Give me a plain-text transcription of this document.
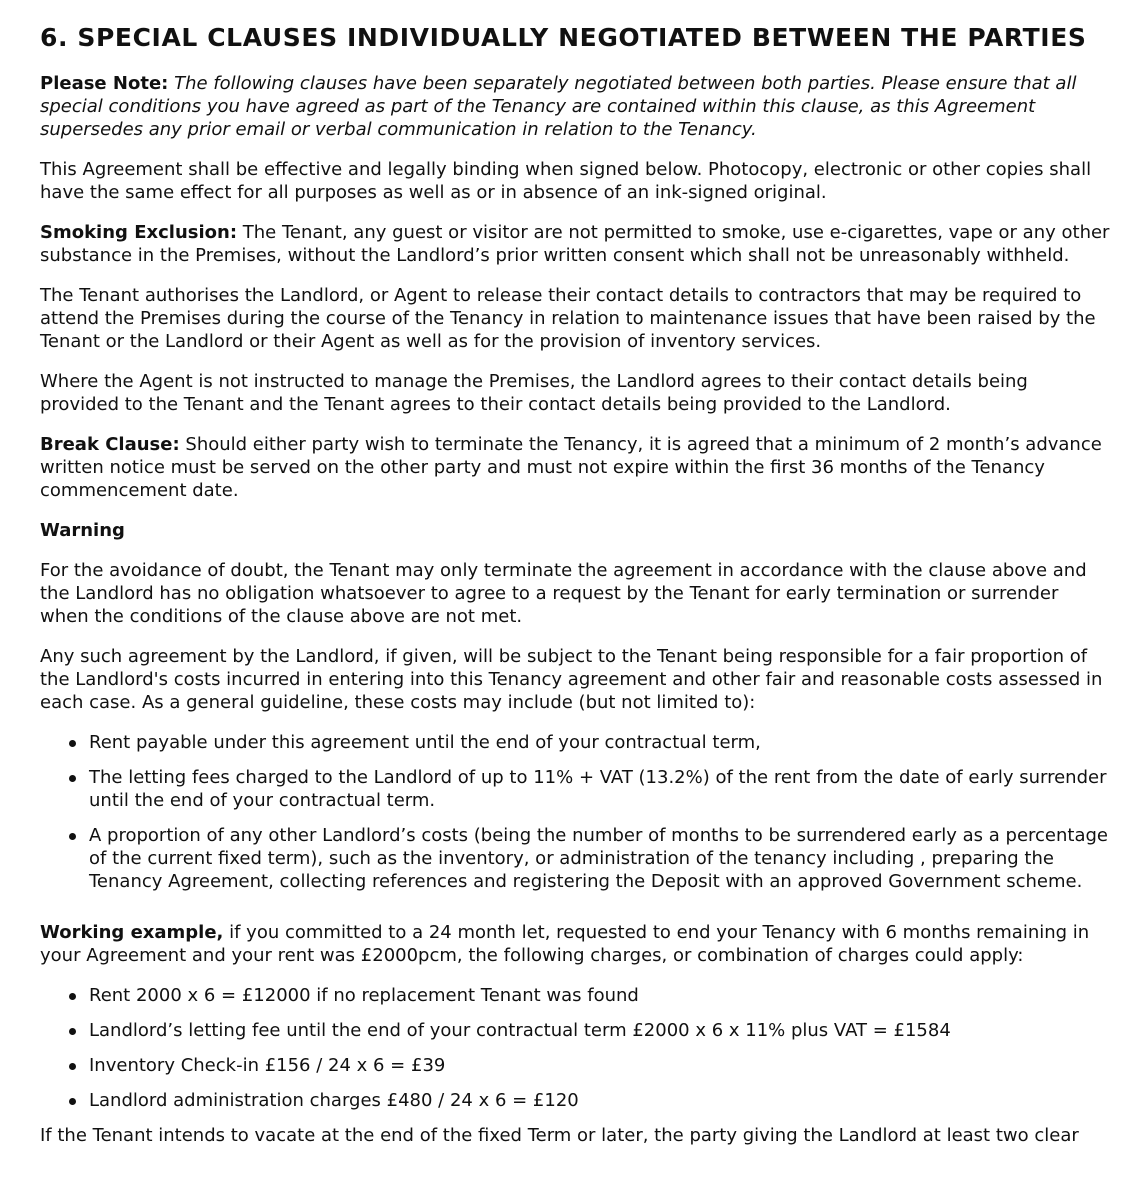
6. SPECIAL CLAUSES INDIVIDUALLY NEGOTIATED BETWEEN THE PARTIES

Please Note: The following clauses have been separately negotiated between both parties. Please ensure that all special conditions you have agreed as part of the Tenancy are contained within this clause, as this Agreement supersedes any prior email or verbal communication in relation to the Tenancy.

This Agreement shall be effective and legally binding when signed below. Photocopy, electronic or other copies shall have the same effect for all purposes as well as or in absence of an ink-signed original.

Smoking Exclusion: The Tenant, any guest or visitor are not permitted to smoke, use e-cigarettes, vape or any other substance in the Premises, without the Landlord’s prior written consent which shall not be unreasonably withheld.

The Tenant authorises the Landlord, or Agent to release their contact details to contractors that may be required to attend the Premises during the course of the Tenancy in relation to maintenance issues that have been raised by the Tenant or the Landlord or their Agent as well as for the provision of inventory services.

Where the Agent is not instructed to manage the Premises, the Landlord agrees to their contact details being provided to the Tenant and the Tenant agrees to their contact details being provided to the Landlord.

Break Clause: Should either party wish to terminate the Tenancy, it is agreed that a minimum of 2 month’s advance written notice must be served on the other party and must not expire within the first 36 months of the Tenancy commencement date.

Warning

For the avoidance of doubt, the Tenant may only terminate the agreement in accordance with the clause above and the Landlord has no obligation whatsoever to agree to a request by the Tenant for early termination or surrender when the conditions of the clause above are not met.

Any such agreement by the Landlord, if given, will be subject to the Tenant being responsible for a fair proportion of the Landlord's costs incurred in entering into this Tenancy agreement and other fair and reasonable costs assessed in each case. As a general guideline, these costs may include (but not limited to):

Rent payable under this agreement until the end of your contractual term,
The letting fees charged to the Landlord of up to 11% + VAT (13.2%) of the rent from the date of early surrender until the end of your contractual term.
A proportion of any other Landlord’s costs (being the number of months to be surrendered early as a percentage of the current fixed term), such as the inventory, or administration of the tenancy including , preparing the Tenancy Agreement, collecting references and registering the Deposit with an approved Government scheme.

Working example, if you committed to a 24 month let, requested to end your Tenancy with 6 months remaining in your Agreement and your rent was £2000pcm, the following charges, or combination of charges could apply:

Rent 2000 x 6 = £12000 if no replacement Tenant was found
Landlord’s letting fee until the end of your contractual term £2000 x 6 x 11% plus VAT = £1584
Inventory Check-in £156 / 24 x 6 = £39
Landlord administration charges £480 / 24 x 6 = £120

If the Tenant intends to vacate at the end of the fixed Term or later, the party giving the Landlord at least two clear
